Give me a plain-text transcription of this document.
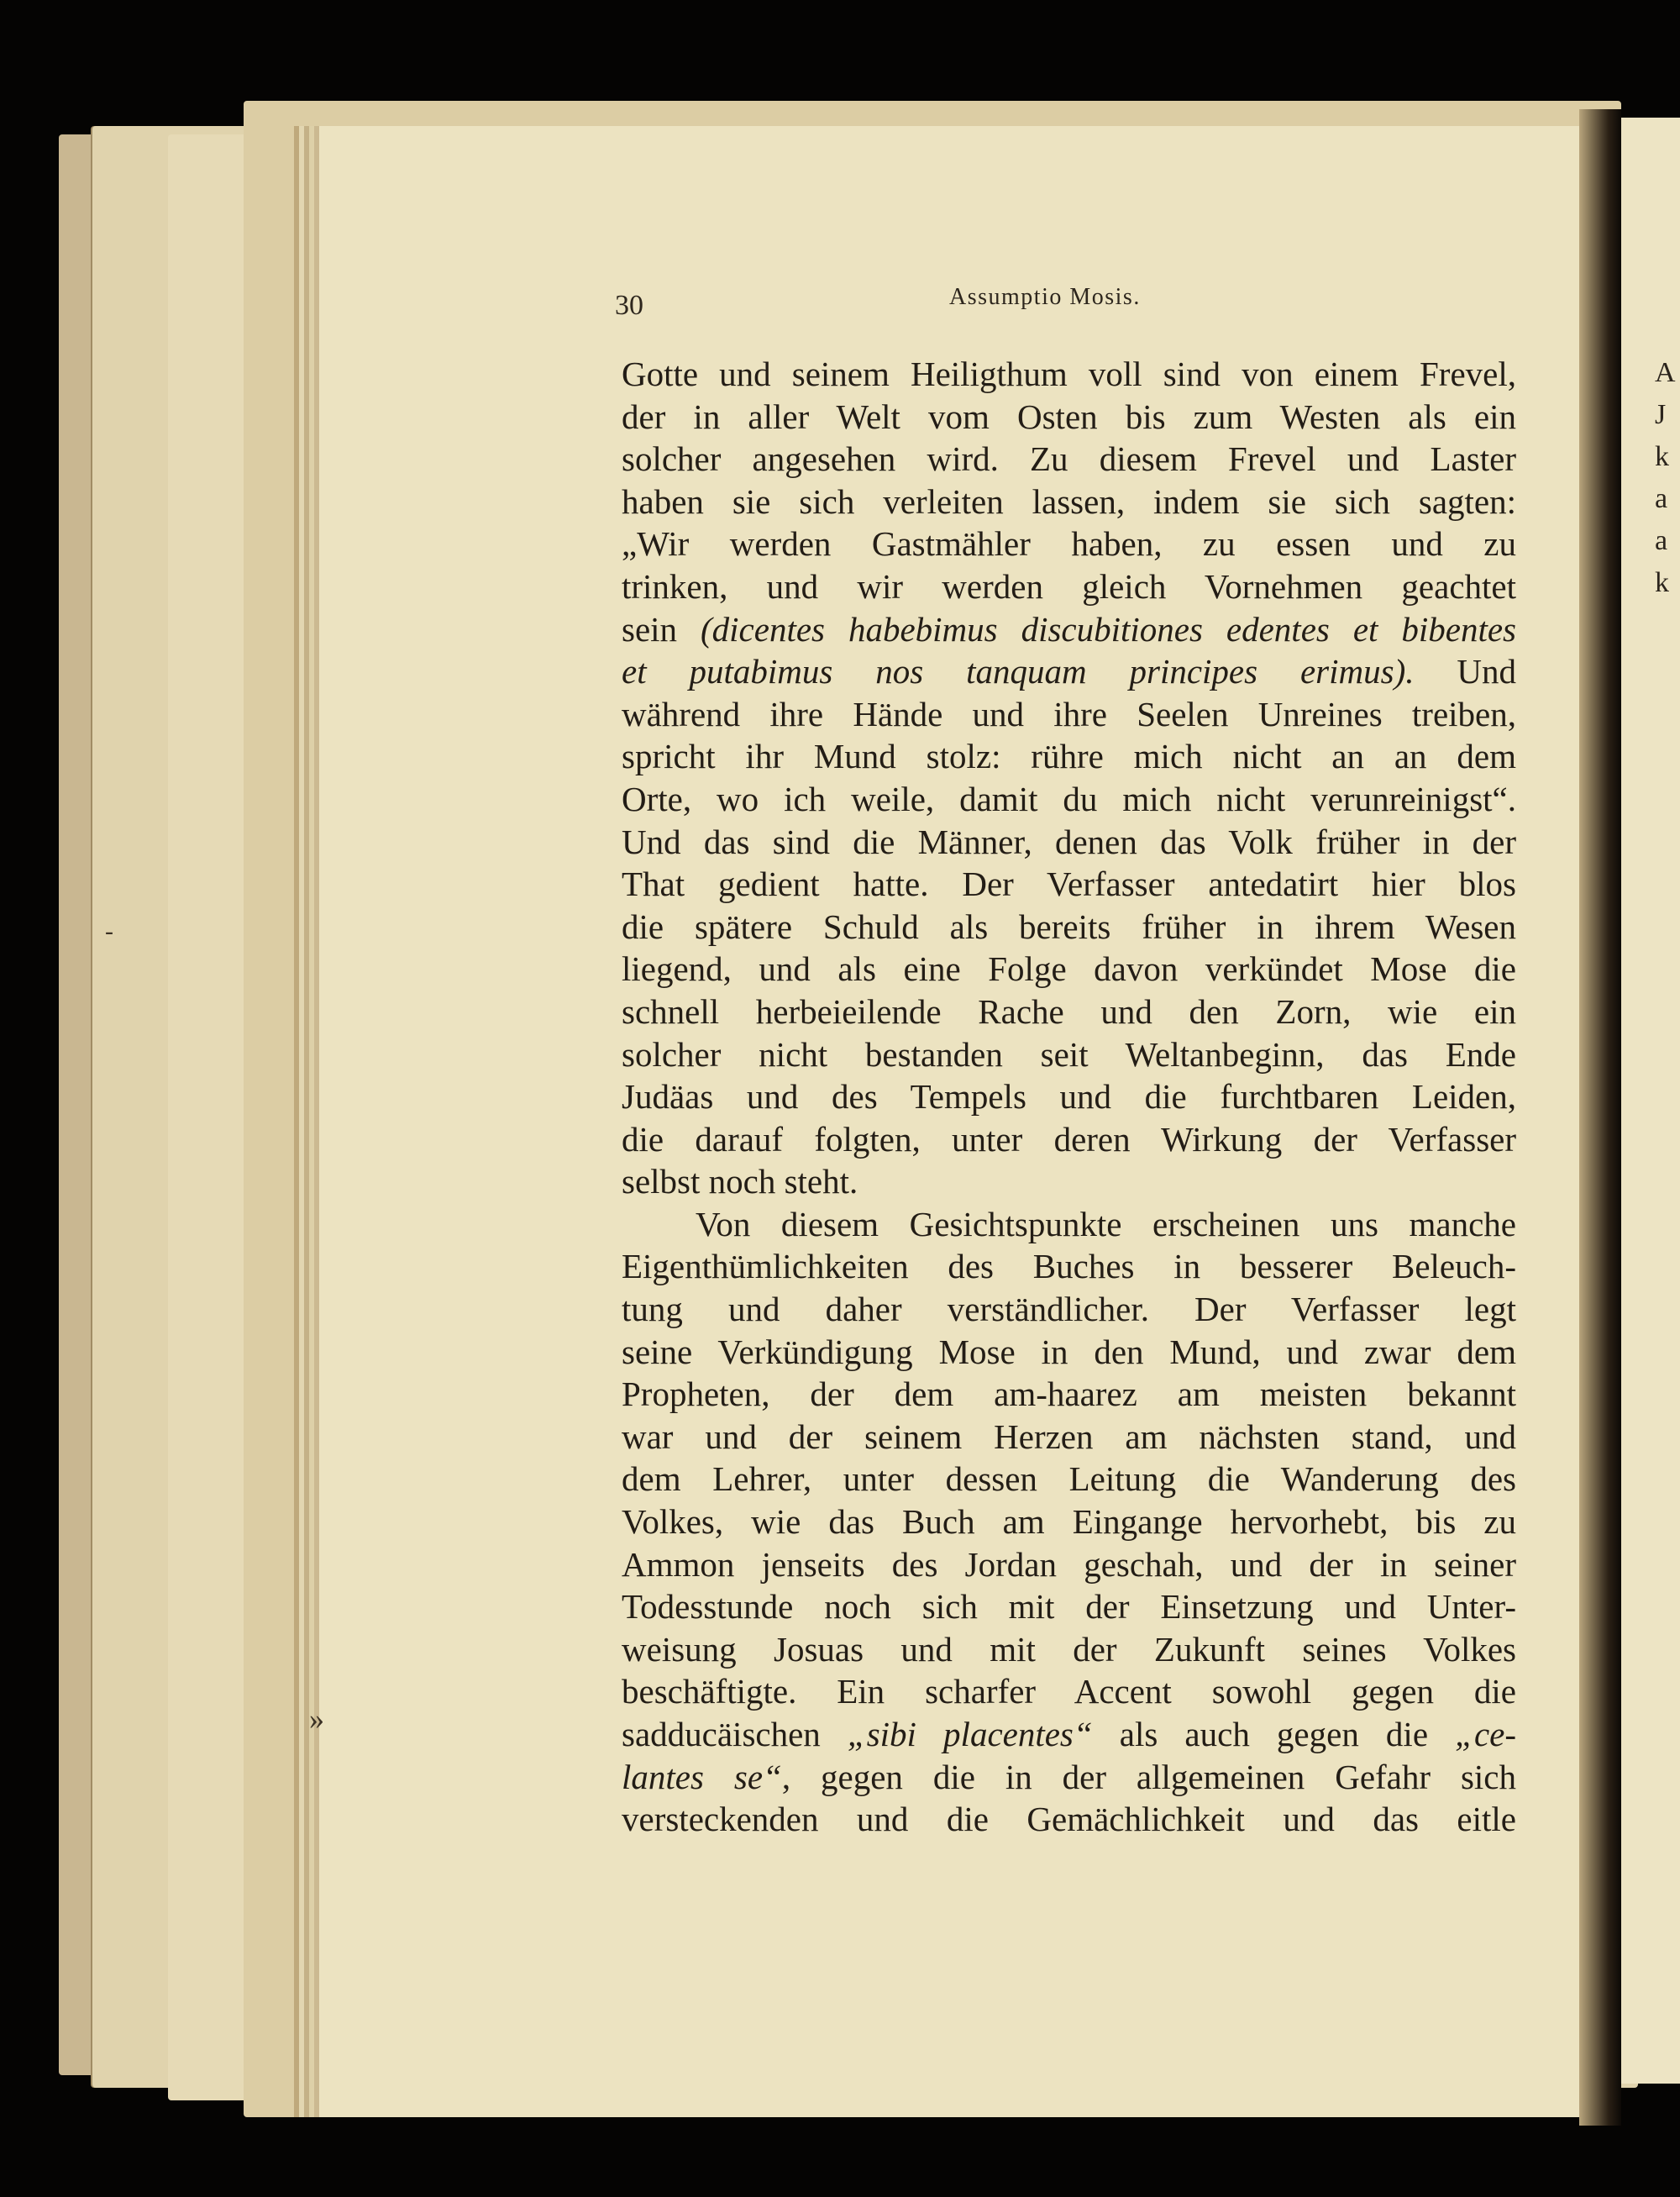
A
J
k
a
a
k
30	Assumptio Mosis.
Gotte und seinem Heiligthum voll sind von einem Frevel,
der in aller Welt vom Osten bis zum Westen als ein
solcher angesehen wird. Zu diesem Frevel und Laster
haben sie sich verleiten lassen, indem sie sich sagten:
„Wir werden Gastmähler haben, zu essen und zu
trinken, und wir werden gleich Vornehmen geachtet
sein (dicentes habebimus discubitiones edentes et bibentes
et putabimus nos tanquam principes erimus). Und
während ihre Hände und ihre Seelen Unreines treiben,
spricht ihr Mund stolz: rühre mich nicht an an dem
Orte, wo ich weile, damit du mich nicht verunreinigst“.
Und das sind die Männer, denen das Volk früher in der
That gedient hatte. Der Verfasser antedatirt hier blos
die spätere Schuld als bereits früher in ihrem Wesen
liegend, und als eine Folge davon verkündet Mose die
schnell herbeieilende Rache und den Zorn, wie ein
solcher nicht bestanden seit Weltanbeginn, das Ende
Judäas und des Tempels und die furchtbaren Leiden,
die darauf folgten, unter deren Wirkung der Verfasser
selbst noch steht.
Von diesem Gesichtspunkte erscheinen uns manche
Eigenthümlichkeiten des Buches in besserer Beleuch-
tung und daher verständlicher. Der Verfasser legt
seine Verkündigung Mose in den Mund, und zwar dem
Propheten, der dem am-haarez am meisten bekannt
war und der seinem Herzen am nächsten stand, und
dem Lehrer, unter dessen Leitung die Wanderung des
Volkes, wie das Buch am Eingange hervorhebt, bis zu
Ammon jenseits des Jordan geschah, und der in seiner
Todesstunde noch sich mit der Einsetzung und Unter-
weisung Josuas und mit der Zukunft seines Volkes
beschäftigte. Ein scharfer Accent sowohl gegen die
sadducäischen „sibi placentes“ als auch gegen die „ce-
lantes se“, gegen die in der allgemeinen Gefahr sich
versteckenden und die Gemächlichkeit und das eitle
-
»
